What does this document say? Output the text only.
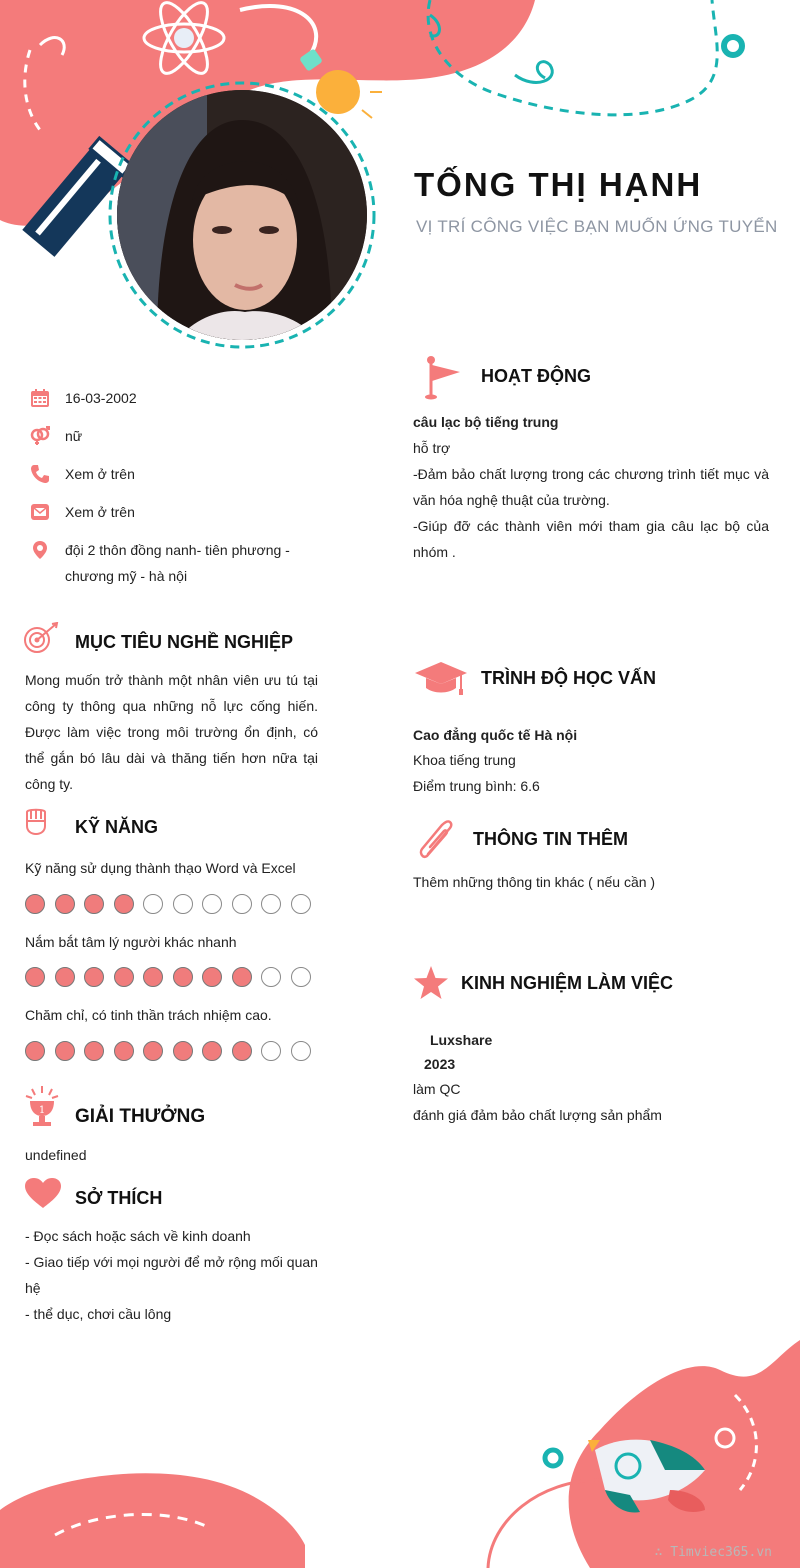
TỐNG THỊ HẠNH
VỊ TRÍ CÔNG VIỆC BẠN MUỐN ỨNG TUYỂN
16-03-2002
nữ
Xem ở trên
Xem ở trên
đội 2 thôn đồng nanh- tiên phương - chương mỹ - hà nội
MỤC TIÊU NGHỀ NGHIỆP
Mong muốn trở thành một nhân viên ưu tú tại công ty thông qua những nỗ lực cống hiến. Được làm việc trong môi trường ổn định, có thể gắn bó lâu dài và thăng tiến hơn nữa tại công ty.
KỸ NĂNG
Kỹ năng sử dụng thành thạo Word và Excel
Nắm bắt tâm lý người khác nhanh
Chăm chỉ, có tinh thần trách nhiệm cao.
1 GIẢI THƯỞNG
undefined
SỞ THÍCH
- Đọc sách hoặc sách về kinh doanh
- Giao tiếp với mọi người để mở rộng mối quan hệ
- thể dục, chơi cầu lông
HOẠT ĐỘNG
câu lạc bộ tiếng trung
hỗ trợ
-Đảm bảo chất lượng trong các chương trình tiết mục và văn hóa nghệ thuật của trường.
-Giúp đỡ các thành viên mới tham gia câu lạc bộ của nhóm .
TRÌNH ĐỘ HỌC VẤN
Cao đẳng quốc tế Hà nội
Khoa tiếng trung
Điểm trung bình: 6.6
THÔNG TIN THÊM
Thêm những thông tin khác ( nếu cần )
KINH NGHIỆM LÀM VIỆC
Luxshare
2023
làm QC
đánh giá đảm bảo chất lượng sản phẩm
∴ Timviec365.vn
